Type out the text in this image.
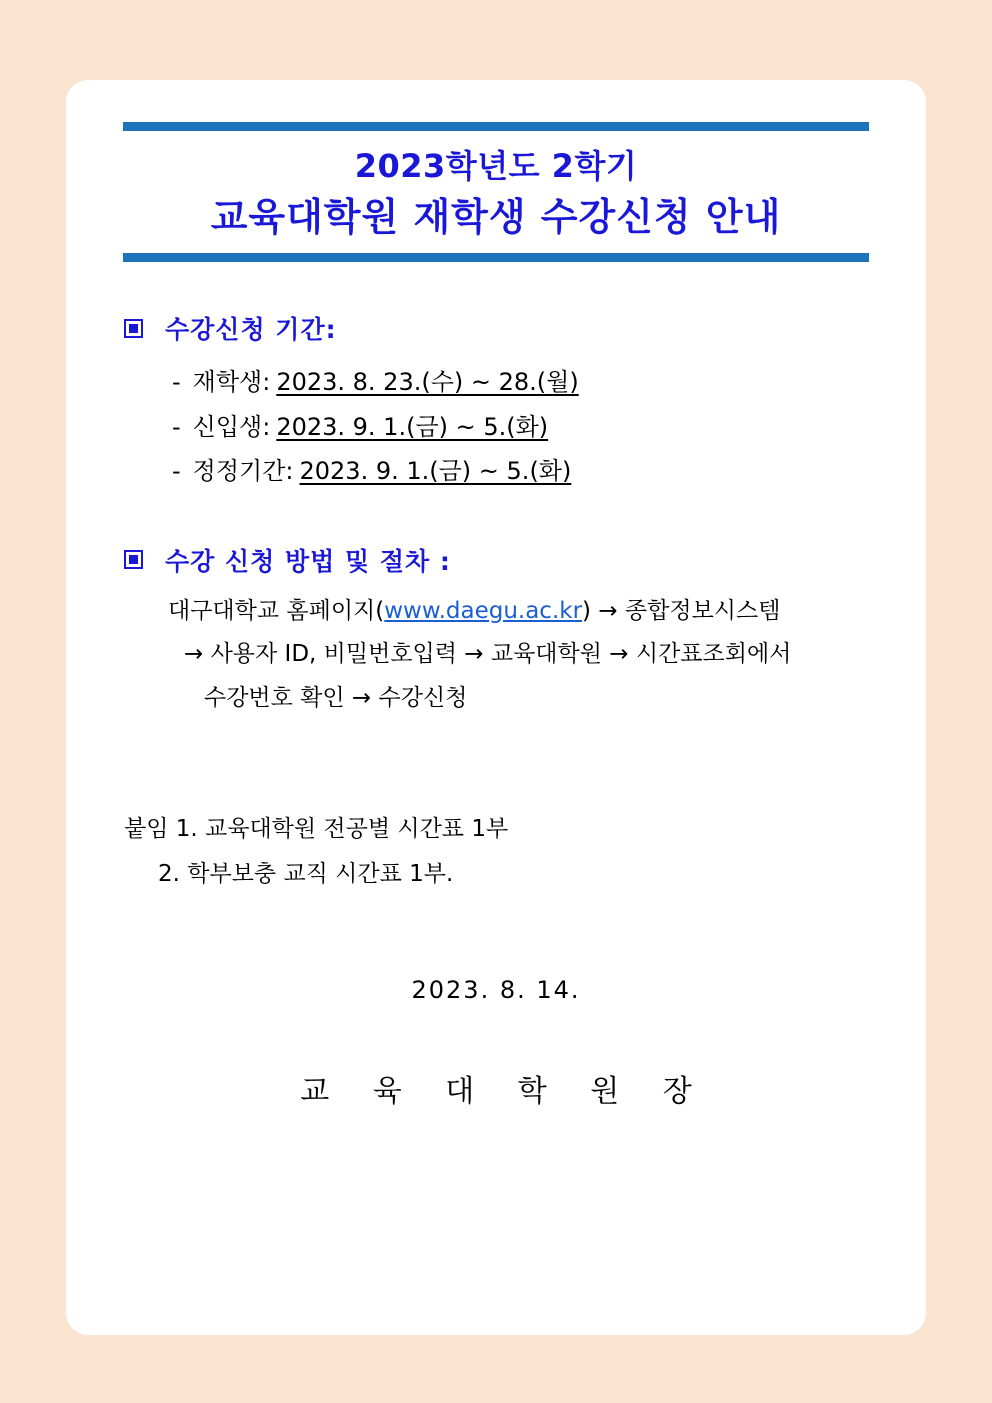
2023학년도 2학기
교육대학원 재학생 수강신청 안내
수강신청 기간:
- 재학생: 2023. 8. 23.(수) ~ 28.(월)
- 신입생: 2023. 9. 1.(금) ~ 5.(화)
- 정정기간: 2023. 9. 1.(금) ~ 5.(화)
수강 신청 방법 및 절차 :
대구대학교 홈페이지(www.daegu.ac.kr) → 종합정보시스템
→ 사용자 ID, 비밀번호입력 → 교육대학원 → 시간표조회에서
수강번호 확인 → 수강신청
붙임 1. 교육대학원 전공별 시간표 1부
2. 학부보충 교직 시간표 1부.
2023. 8. 14.
교 육 대 학 원 장
